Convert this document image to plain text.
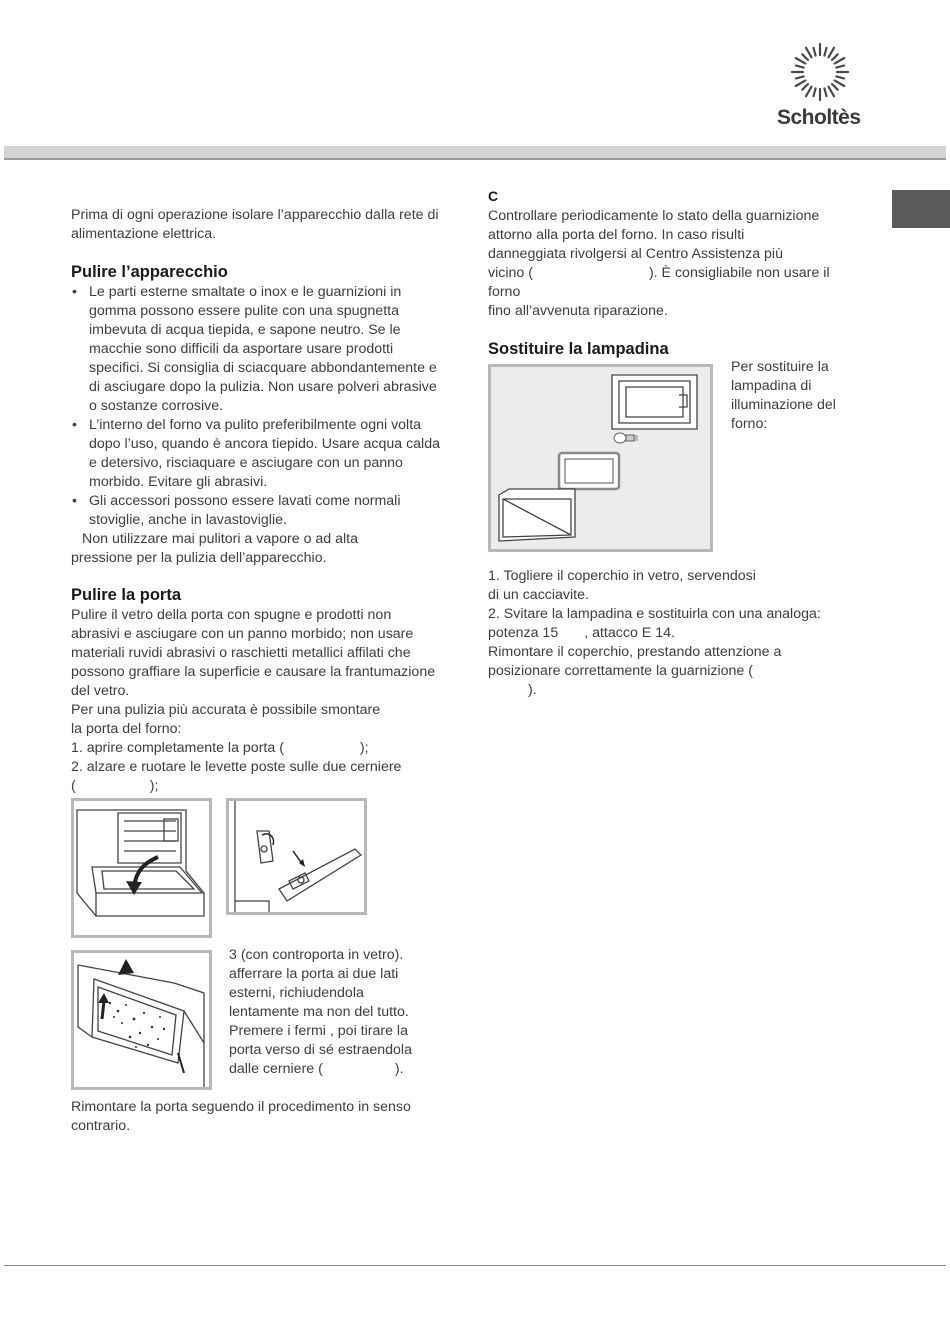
Scholtès

Prima di ogni operazione isolare l’apparecchio dalla rete di alimentazione elettrica.

Pulire l’apparecchio
• Le parti esterne smaltate o inox e le guarnizioni in gomma possono essere pulite con una spugnetta imbevuta di acqua tiepida, e sapone neutro. Se le macchie sono difficili da asportare usare prodotti specifici. Si consiglia di sciacquare abbondantemente e di asciugare dopo la pulizia. Non usare polveri abrasive o sostanze corrosive.
• L’interno del forno va pulito preferibilmente ogni volta dopo l’uso, quando è ancora tiepido. Usare acqua calda e detersivo, risciaquare e asciugare con un panno morbido. Evitare gli abrasivi.
• Gli accessori possono essere lavati come normali stoviglie, anche in lavastoviglie.

Non utilizzare mai pulitori a vapore o ad alta pressione per la pulizia dell’apparecchio.

Pulire la porta

Pulire il vetro della porta con spugne e prodotti non abrasivi e asciugare con un panno morbido; non usare materiali ruvidi abrasivi o raschietti metallici affilati che possono graffiare la superficie e causare la frantumazione del vetro.

Per una pulizia più accurata è possibile smontare

la porta del forno:

1. aprire completamente la porta (	);

2. alzare e ruotare le levette poste sulle due cerniere

(	);

3 (con controporta in vetro).

afferrare la porta ai due lati

esterni, richiudendola

lentamente ma non del tutto.

Premere i fermi , poi tirare la

porta verso di sé estraendola

dalle cerniere (	).

Rimontare la porta seguendo il procedimento in senso contrario.

C

Controllare periodicamente lo stato della guarnizione

attorno alla porta del forno. In caso risulti

danneggiata rivolgersi al Centro Assistenza più

vicino (	). È consigliabile non usare il

forno

fino all’avvenuta riparazione.

Sostituire la lampadina

Per sostituire la

lampadina di

illuminazione del

forno:

1. Togliere il coperchio in vetro, servendosi

di un cacciavite.

2. Svitare la lampadina e sostituirla con una analoga:

potenza 15 , attacco E 14.

Rimontare il coperchio, prestando attenzione a

posizionare correttamente la guarnizione (

).
